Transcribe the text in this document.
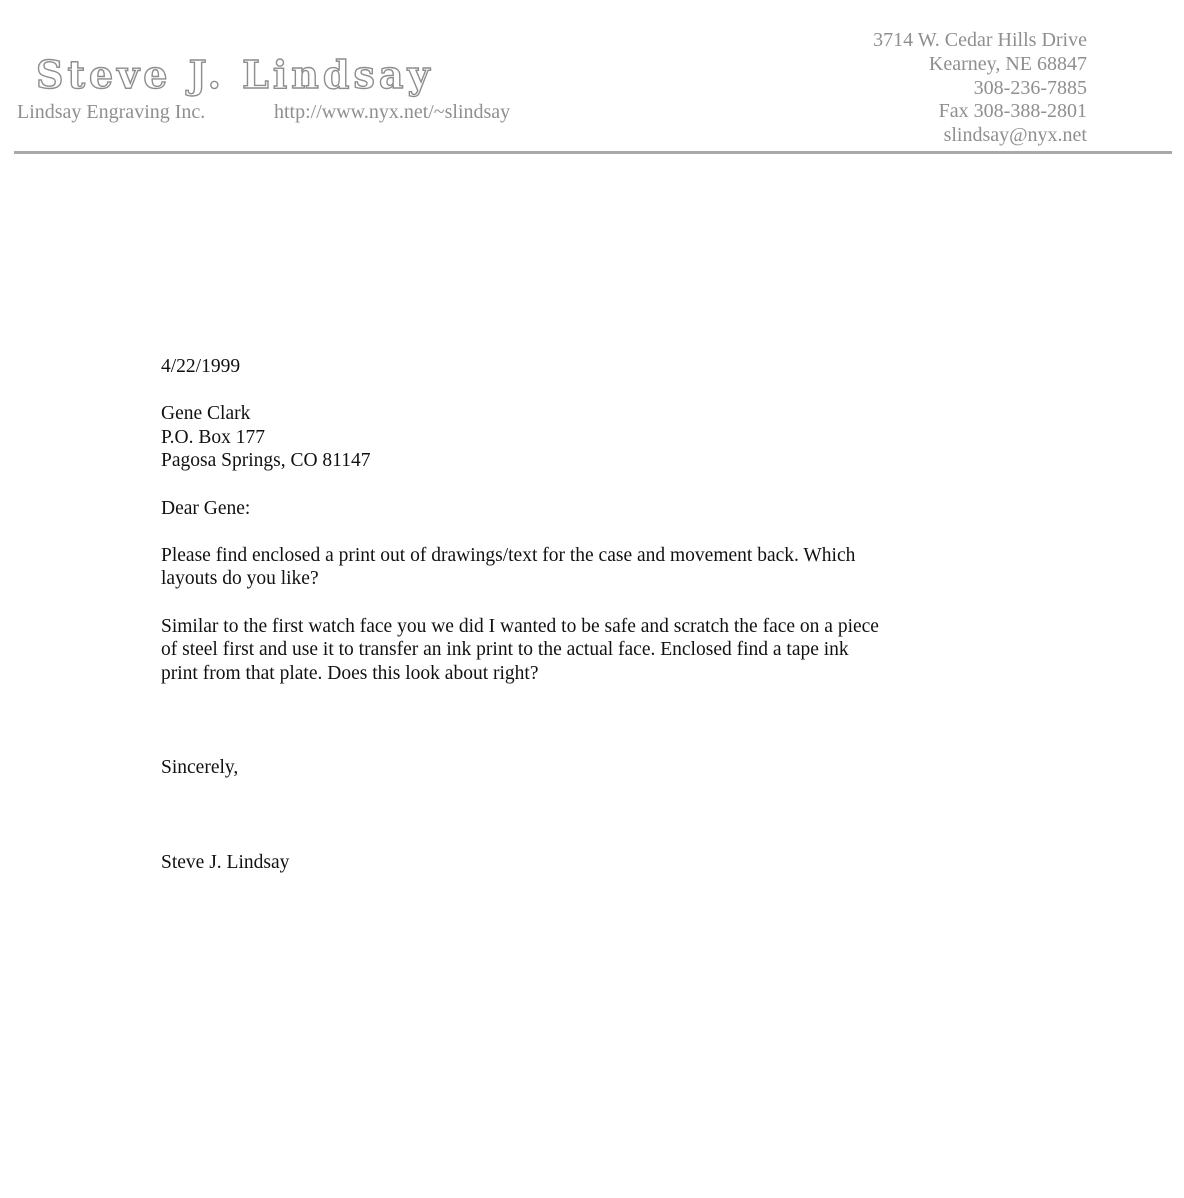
Steve J. Lindsay
Lindsay Engraving Inc.	http://www.nyx.net/~slindsay
3714 W. Cedar Hills Drive
Kearney, NE 68847
308-236-7885
Fax 308-388-2801
slindsay@nyx.net

4/22/1999

Gene Clark

P.O. Box 177

Pagosa Springs, CO 81147

Dear Gene:

Please find enclosed a print out of drawings/text for the case and movement back. Which
layouts do you like?

Similar to the first watch face you we did I wanted to be safe and scratch the face on a piece
of steel first and use it to transfer an ink print to the actual face. Enclosed find a tape ink
print from that plate. Does this look about right?

Sincerely,

Steve J. Lindsay
